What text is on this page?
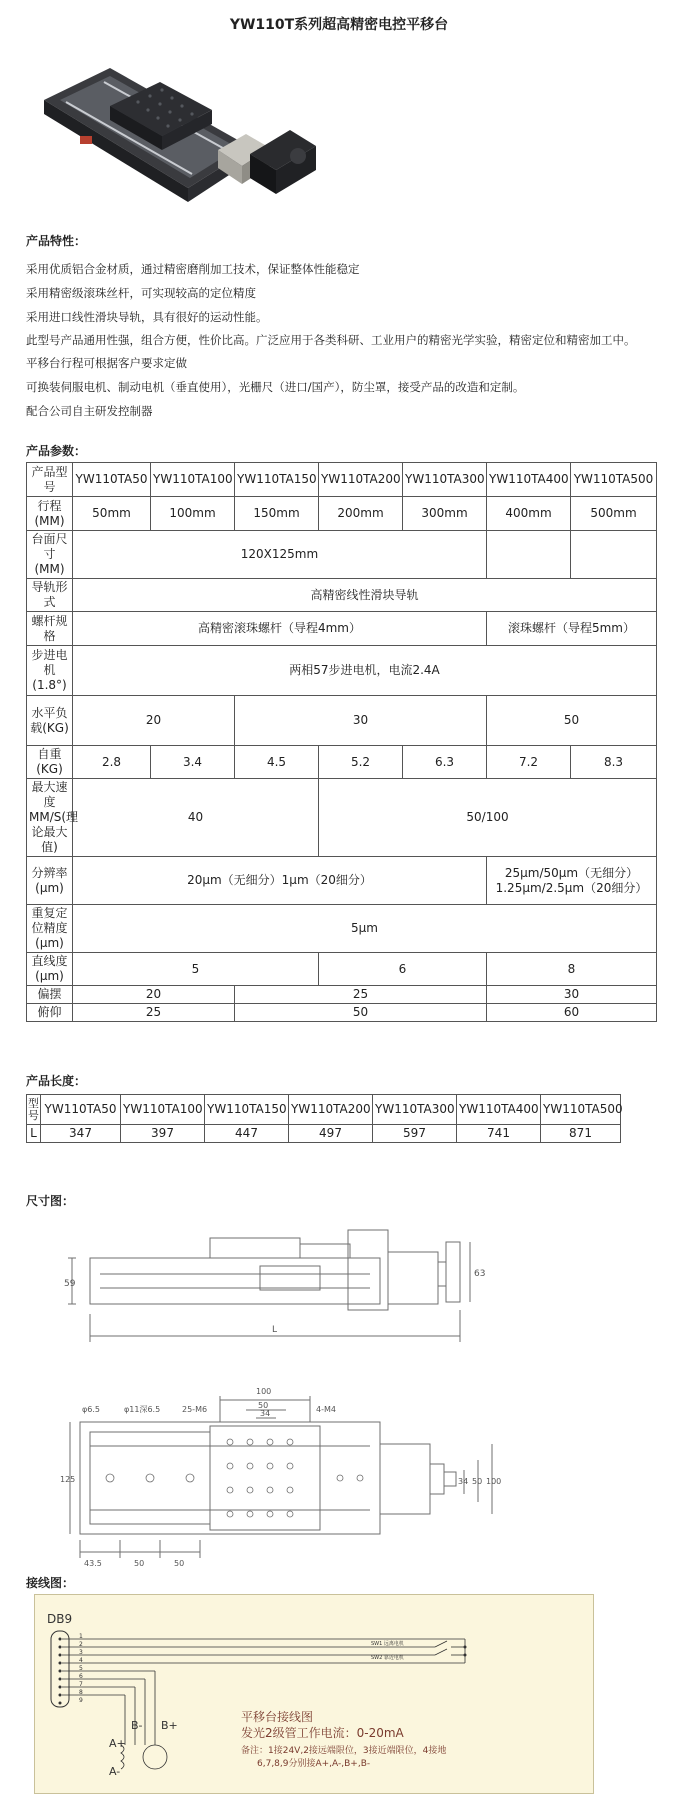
YW110T系列超高精密电控平移台
产品特性：
采用优质铝合金材质，通过精密磨削加工技术，保证整体性能稳定
采用精密级滚珠丝杆，可实现较高的定位精度
采用进口线性滑块导轨，具有很好的运动性能。
此型号产品通用性强，组合方便，性价比高。广泛应用于各类科研、工业用户的精密光学实验，精密定位和精密加工中。
平移台行程可根据客户要求定做
可换装伺服电机、制动电机（垂直使用），光栅尺（进口/国产），防尘罩，接受产品的改造和定制。
配合公司自主研发控制器
产品参数：
产品型号	YW110TA50	YW110TA100	YW110TA150	YW110TA200	YW110TA300	YW110TA400	YW110TA500
行程(MM)	50mm	100mm	150mm	200mm	300mm	400mm	500mm
台面尺寸(MM)	120X125mm						
导轨形式	高精密线性滑块导轨						
螺杆规格	高精密滚珠螺杆（导程4mm）					滚珠螺杆（导程5mm）	
步进电机(1.8°)	两相57步进电机，电流2.4A						
水平负载(KG)	20		30			50	
自重(KG)	2.8	3.4	4.5	5.2	6.3	7.2	8.3
最大速度MM/S(理论最大值)	40			50/100			
分辨率(μm)	20μm（无细分）1μm（20细分）					25μm/50μm（无细分） 1.25μm/2.5μm（20细分）	
重复定位精度(μm)	5μm						
直线度(μm)	5			6		8	
偏摆	20		25			30	
俯仰	25		50			60	
产品长度：
型号	YW110TA50	YW110TA100	YW110TA150	YW110TA200	YW110TA300	YW110TA400	YW110TA500
L	347	397	447	497	597	741	871
尺寸图：
59
63
L
100
50
34
φ6.5	φ11深6.5	25-M6	4-M4
125
43.5	50	50
34 50 100
接线图：
DB9
1
2
3
4
5
6
7
8
9
SW1 远离电机
SW2 靠近电机
A+
A-
B- B+
平移台接线图
发光2级管工作电流：0-20mA
备注：1接24V,2接远端限位，3接近端限位，4接地
6,7,8,9分别接A+,A-,B+,B-
